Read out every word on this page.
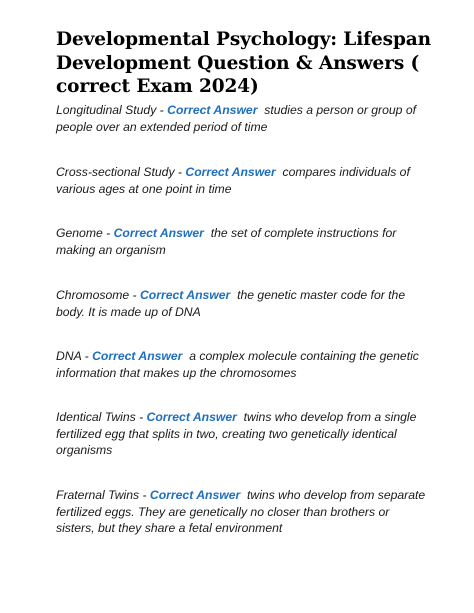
Developmental Psychology: Lifespan Development Question & Answers ( correct Exam 2024)

Longitudinal Study - Correct Answer studies a person or group of people over an extended period of time

Cross-sectional Study - Correct Answer compares individuals of various ages at one point in time

Genome - Correct Answer the set of complete instructions for making an organism

Chromosome - Correct Answer the genetic master code for the body. It is made up of DNA

DNA - Correct Answer a complex molecule containing the genetic information that makes up the chromosomes

Identical Twins - Correct Answer twins who develop from a single fertilized egg that splits in two, creating two genetically identical organisms

Fraternal Twins - Correct Answer twins who develop from separate fertilized eggs. They are genetically no closer than brothers or sisters, but they share a fetal environment
